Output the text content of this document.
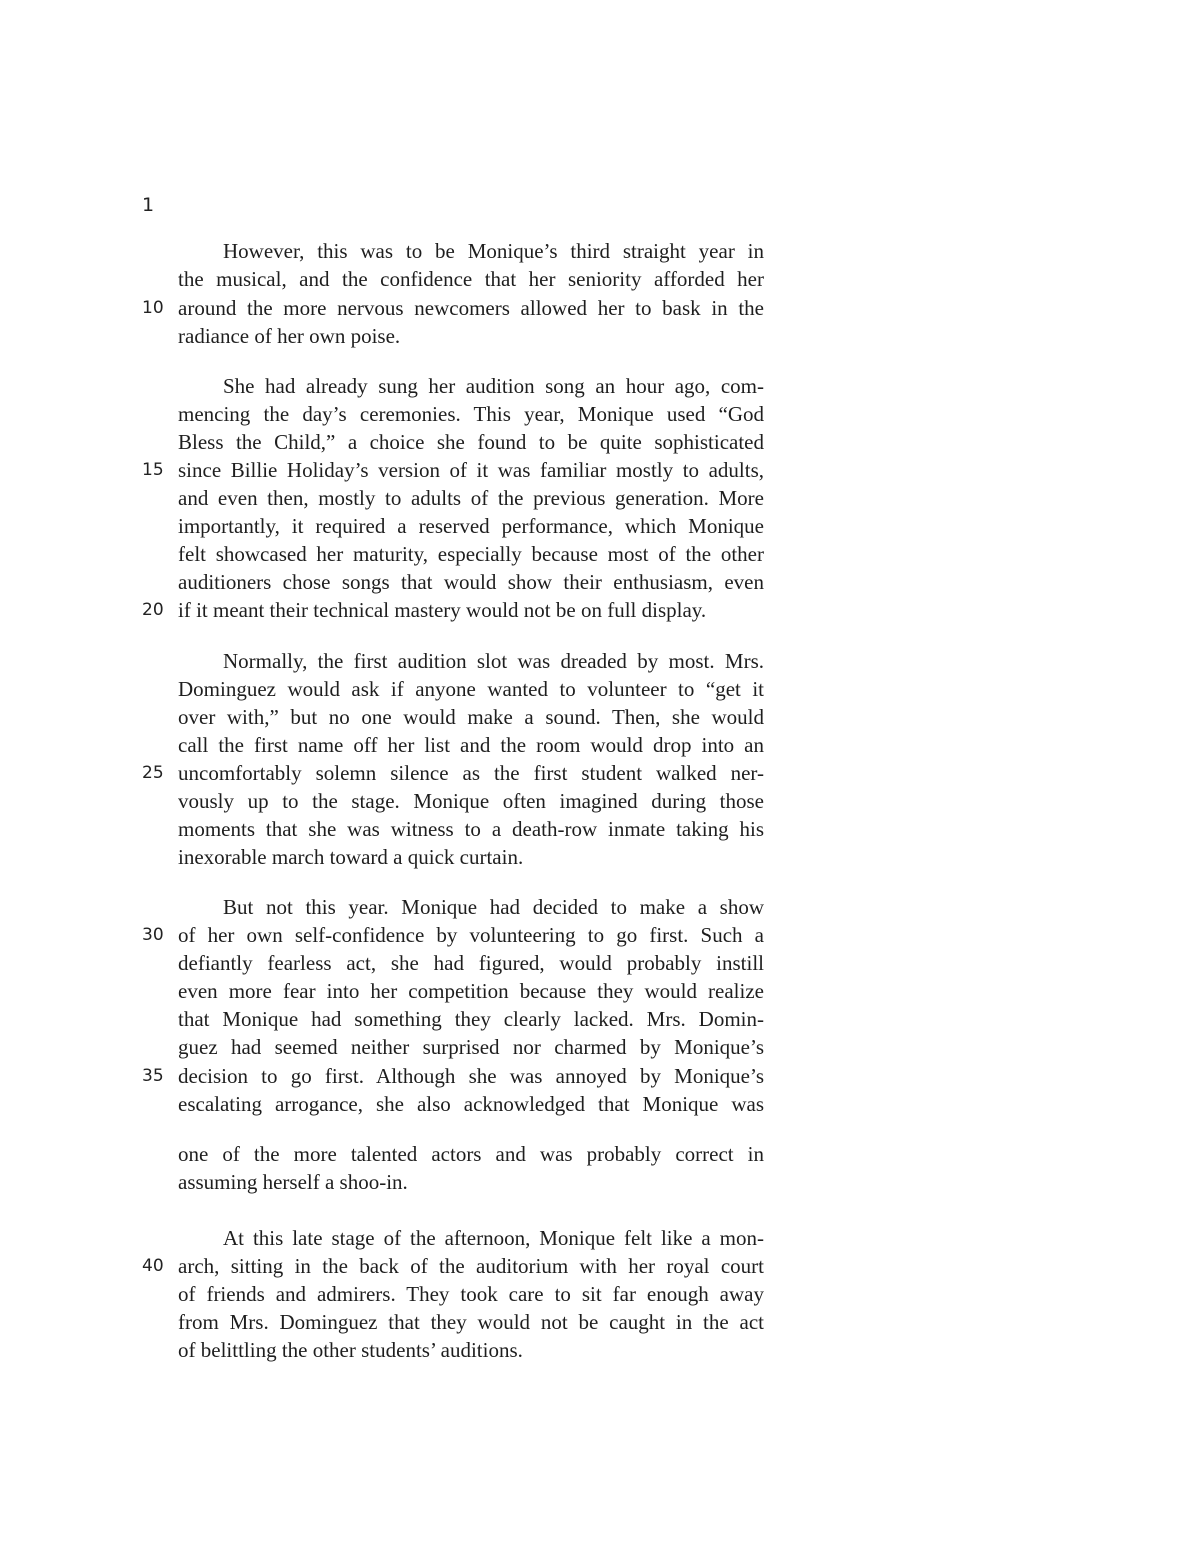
1
However, this was to be Monique’s third straight year in
the musical, and the confidence that her seniority afforded her
10 around the more nervous newcomers allowed her to bask in the
radiance of her own poise.
She had already sung her audition song an hour ago, com-
mencing the day’s ceremonies. This year, Monique used “God
Bless the Child,” a choice she found to be quite sophisticated
15 since Billie Holiday’s version of it was familiar mostly to adults,
and even then, mostly to adults of the previous generation. More
importantly, it required a reserved performance, which Monique
felt showcased her maturity, especially because most of the other
auditioners chose songs that would show their enthusiasm, even
20 if it meant their technical mastery would not be on full display.
Normally, the first audition slot was dreaded by most. Mrs.
Dominguez would ask if anyone wanted to volunteer to “get it
over with,” but no one would make a sound. Then, she would
call the first name off her list and the room would drop into an
25 uncomfortably solemn silence as the first student walked ner-
vously up to the stage. Monique often imagined during those
moments that she was witness to a death-row inmate taking his
inexorable march toward a quick curtain.
But not this year. Monique had decided to make a show
30 of her own self-confidence by volunteering to go first. Such a
defiantly fearless act, she had figured, would probably instill
even more fear into her competition because they would realize
that Monique had something they clearly lacked. Mrs. Domin-
guez had seemed neither surprised nor charmed by Monique’s
35 decision to go first. Although she was annoyed by Monique’s
escalating arrogance, she also acknowledged that Monique was
one of the more talented actors and was probably correct in
assuming herself a shoo-in.
At this late stage of the afternoon, Monique felt like a mon-
40 arch, sitting in the back of the auditorium with her royal court
of friends and admirers. They took care to sit far enough away
from Mrs. Dominguez that they would not be caught in the act
of belittling the other students’ auditions.
